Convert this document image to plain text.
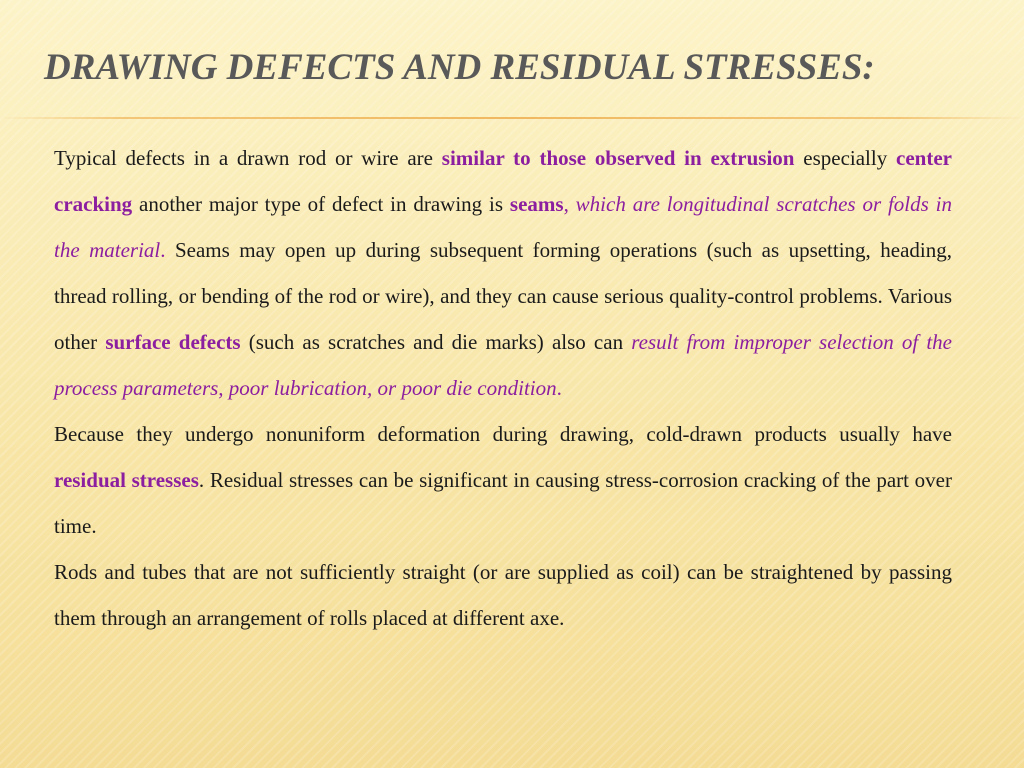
DRAWING DEFECTS AND RESIDUAL STRESSES:

Typical defects in a drawn rod or wire are similar to those observed in extrusion especially center cracking another major type of defect in drawing is seams, which are longitudinal scratches or folds in the material. Seams may open up during subsequent forming operations (such as upsetting, heading, thread rolling, or bending of the rod or wire), and they can cause serious quality-control problems. Various other surface defects (such as scratches and die marks) also can result from improper selection of the process parameters, poor lubrication, or poor die condition.

Because they undergo nonuniform deformation during drawing, cold-drawn products usually have residual stresses. Residual stresses can be significant in causing stress-corrosion cracking of the part over time.

Rods and tubes that are not sufficiently straight (or are supplied as coil) can be straightened by passing them through an arrangement of rolls placed at different axe.
